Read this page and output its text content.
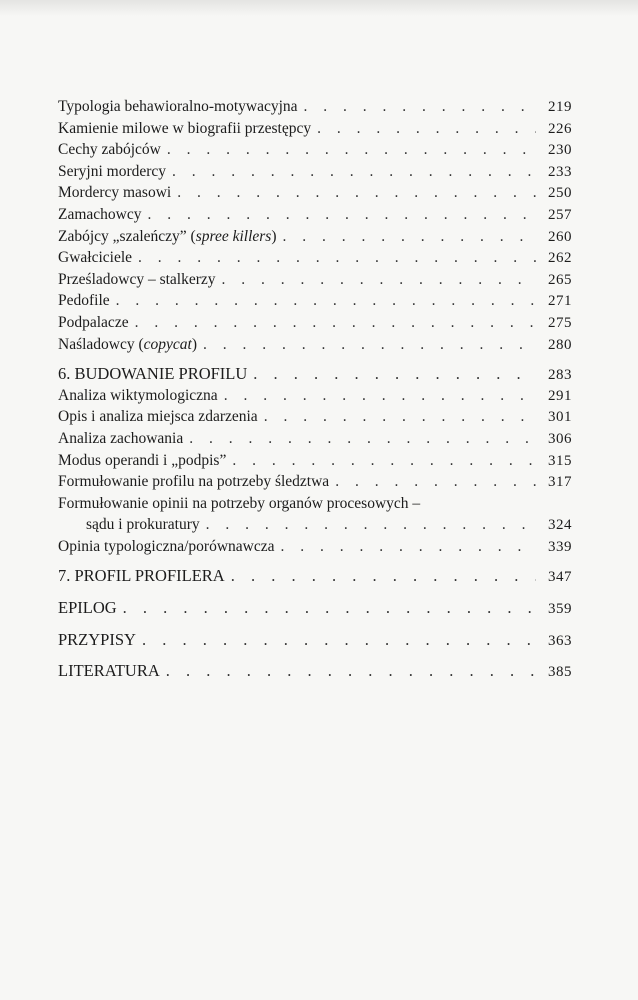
Typologia behawioralno-motywacyjna . . .	219
Kamienie milowe w biografii przestępcy . . .	226
Cechy zabójców . . .	230
Seryjni mordercy . . .	233
Mordercy masowi . . .	250
Zamachowcy . . .	257
Zabójcy „szaleńczy” (spree killers) . . .	260
Gwałciciele . . .	262
Prześladowcy – stalkerzy . . .	265
Pedofile . . .	271
Podpalacze . . .	275
Naśladowcy (copycat) . . .	280
6. BUDOWANIE PROFILU . . .	283
Analiza wiktymologiczna . . .	291
Opis i analiza miejsca zdarzenia . . .	301
Analiza zachowania . . .	306
Modus operandi i „podpis” . . .	315
Formułowanie profilu na potrzeby śledztwa . . .	317
Formułowanie opinii na potrzeby organów procesowych –
sądu i prokuratury . . .	324
Opinia typologiczna/porównawcza . . .	339
7. PROFIL PROFILERA . . .	347
EPILOG . . .	359
PRZYPISY . . .	363
LITERATURA . . .	385
